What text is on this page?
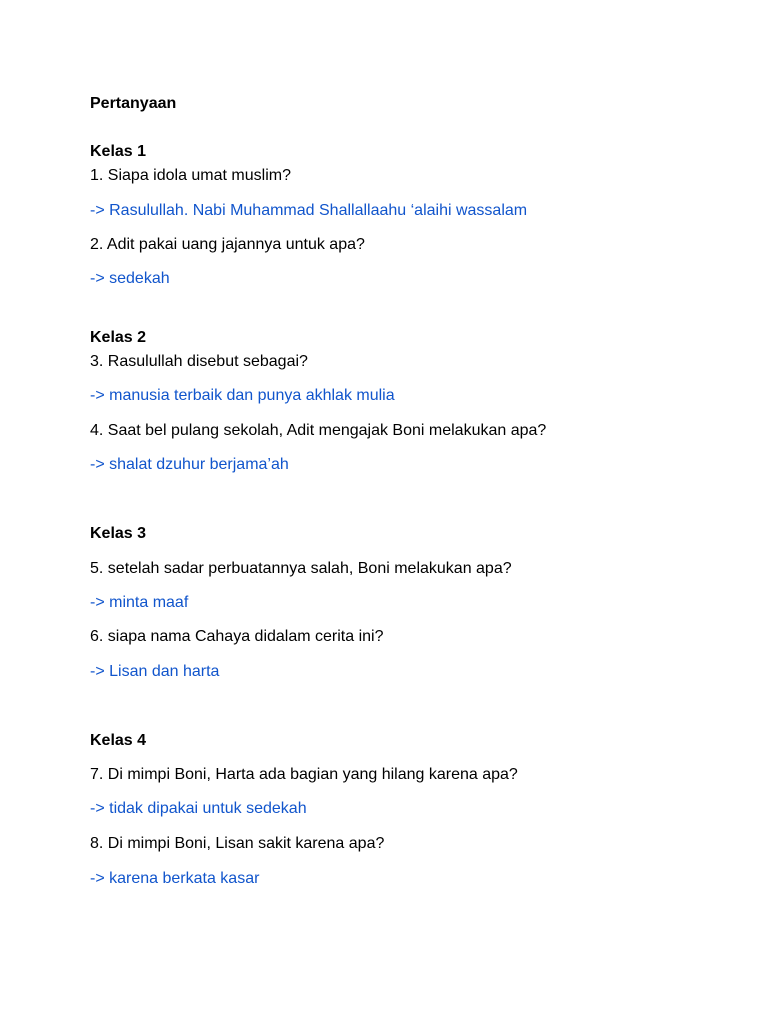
Pertanyaan
Kelas 1
1. Siapa idola umat muslim?
-> Rasulullah. Nabi Muhammad Shallallaahu ‘alaihi wassalam
2. Adit pakai uang jajannya untuk apa?
-> sedekah
Kelas 2
3. Rasulullah disebut sebagai?
-> manusia terbaik dan punya akhlak mulia
4. Saat bel pulang sekolah, Adit mengajak Boni melakukan apa?
-> shalat dzuhur berjama’ah
Kelas 3
5. setelah sadar perbuatannya salah, Boni melakukan apa?
-> minta maaf
6. siapa nama Cahaya didalam cerita ini?
-> Lisan dan harta
Kelas 4
7. Di mimpi Boni, Harta ada bagian yang hilang karena apa?
-> tidak dipakai untuk sedekah
8. Di mimpi Boni, Lisan sakit karena apa?
-> karena berkata kasar
